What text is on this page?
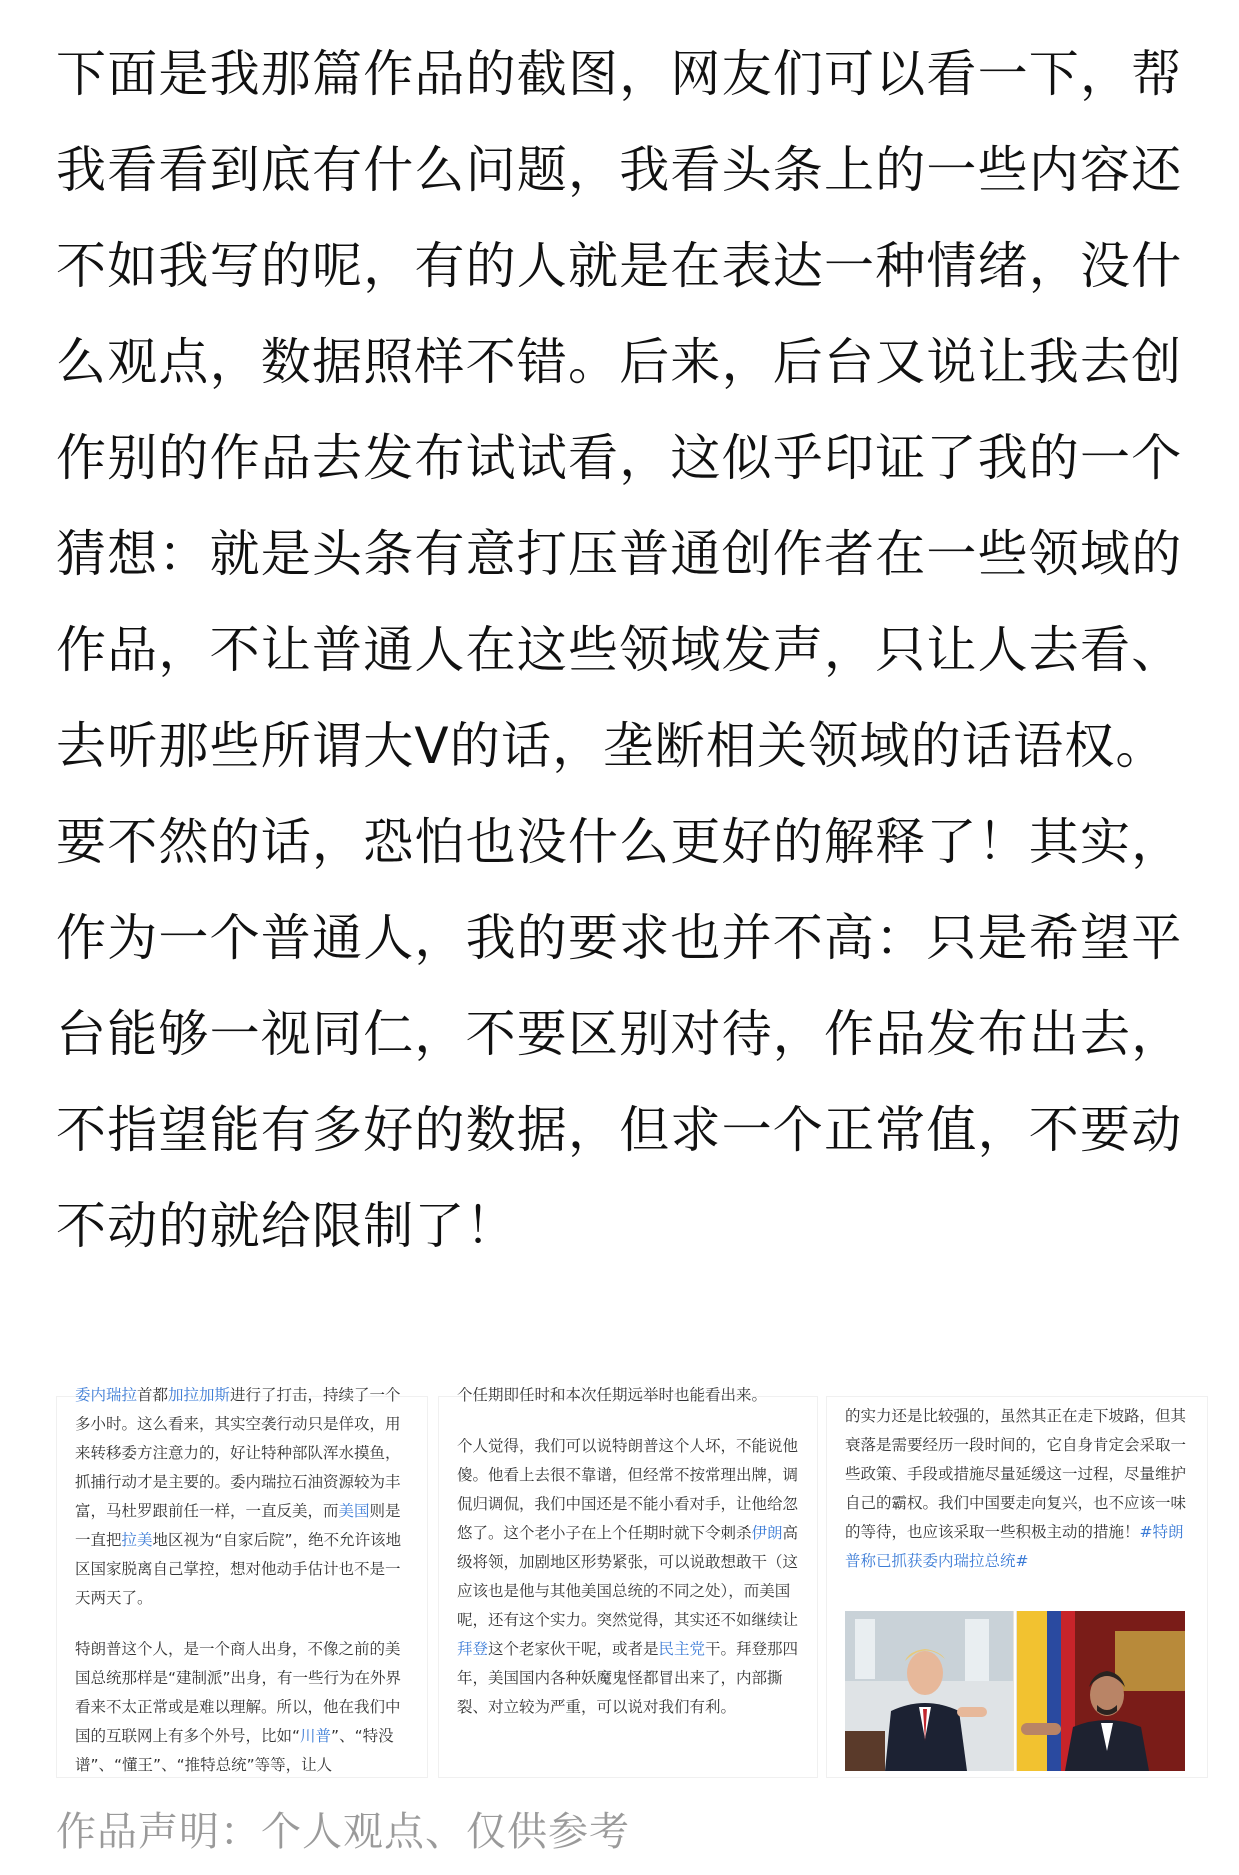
下面是我那篇作品的截图，网友们可以看一下，帮我看看到底有什么问题，我看头条上的一些内容还不如我写的呢，有的人就是在表达一种情绪，没什么观点，数据照样不错。后来，后台又说让我去创作别的作品去发布试试看，这似乎印证了我的一个猜想：就是头条有意打压普通创作者在一些领域的作品，不让普通人在这些领域发声，只让人去看、去听那些所谓大V的话，垄断相关领域的话语权。要不然的话，恐怕也没什么更好的解释了！其实，作为一个普通人，我的要求也并不高：只是希望平台能够一视同仁，不要区别对待，作品发布出去，不指望能有多好的数据，但求一个正常值，不要动不动的就给限制了！

委内瑞拉首都加拉加斯进行了打击，持续了一个多小时。这么看来，其实空袭行动只是佯攻，用来转移委方注意力的，好让特种部队浑水摸鱼，抓捕行动才是主要的。委内瑞拉石油资源较为丰富，马杜罗跟前任一样，一直反美，而美国则是一直把拉美地区视为“自家后院”，绝不允许该地区国家脱离自己掌控，想对他动手估计也不是一天两天了。

特朗普这个人，是一个商人出身，不像之前的美国总统那样是“建制派”出身，有一些行为在外界看来不太正常或是难以理解。所以，他在我们中国的互联网上有多个外号，比如“川普”、“特没谱”、“懂王”、“推特总统”等等，让人

个任期即任时和本次任期远举时也能看出来。

个人觉得，我们可以说特朗普这个人坏，不能说他傻。他看上去很不靠谱，但经常不按常理出牌，调侃归调侃，我们中国还是不能小看对手，让他给忽悠了。这个老小子在上个任期时就下令刺杀伊朗高级将领，加剧地区形势紧张，可以说敢想敢干（这应该也是他与其他美国总统的不同之处），而美国呢，还有这个实力。突然觉得，其实还不如继续让拜登这个老家伙干呢，或者是民主党干。拜登那四年，美国国内各种妖魔鬼怪都冒出来了，内部撕裂、对立较为严重，可以说对我们有利。

的实力还是比较强的，虽然其正在走下坡路，但其衰落是需要经历一段时间的，它自身肯定会采取一些政策、手段或措施尽量延缓这一过程，尽量维护自己的霸权。我们中国要走向复兴，也不应该一味的等待，也应该采取一些积极主动的措施！#特朗普称已抓获委内瑞拉总统#

作品声明：个人观点、仅供参考
